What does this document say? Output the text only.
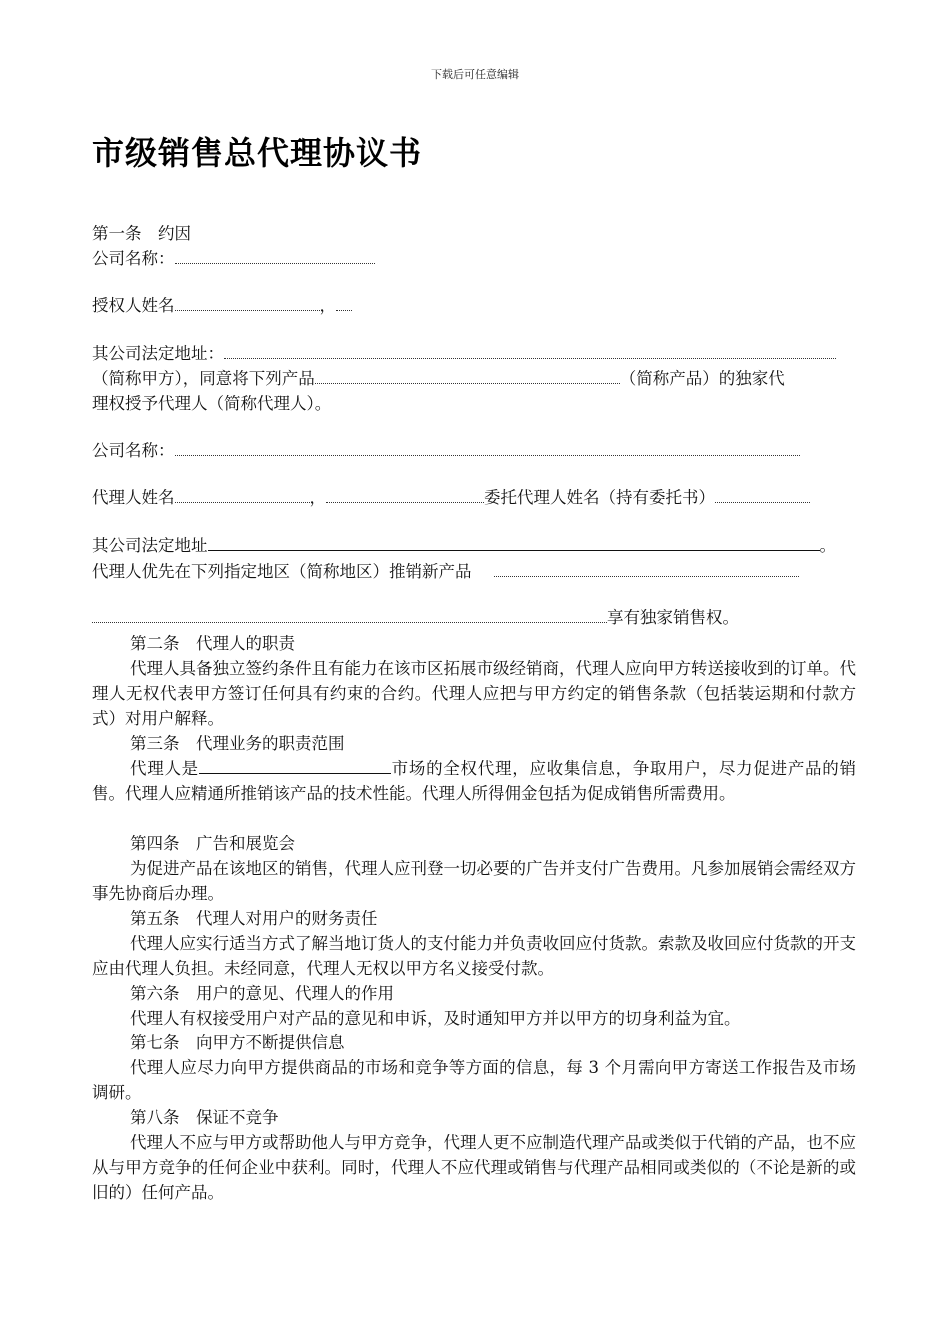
下载后可任意编辑
市级销售总代理协议书
第一条　约因
公司名称：
授权人姓名	，
其公司法定地址：
（简称甲方），同意将下列产品	（简称产品）的独家代
理权授予代理人（简称代理人）。
公司名称：
代理人姓名	，	委托代理人姓名（持有委托书）
其公司法定地址	。
代理人优先在下列指定地区（简称地区）推销新产品
享有独家销售权。
第二条　代理人的职责
代理人具备独立签约条件且有能力在该市区拓展市级经销商，代理人应向甲方转送接收到的订单。代理人无权代表甲方签订任何具有约束的合约。代理人应把与甲方约定的销售条款（包括装运期和付款方式）对用户解释。
第三条　代理业务的职责范围
代理人是	市场的全权代理，应收集信息，争取用户，尽力促进产品的销售。代理人应精通所推销该产品的技术性能。代理人所得佣金包括为促成销售所需费用。
第四条　广告和展览会
为促进产品在该地区的销售，代理人应刊登一切必要的广告并支付广告费用。凡参加展销会需经双方事先协商后办理。
第五条　代理人对用户的财务责任
代理人应实行适当方式了解当地订货人的支付能力并负责收回应付货款。索款及收回应付货款的开支应由代理人负担。未经同意，代理人无权以甲方名义接受付款。
第六条　用户的意见、代理人的作用
代理人有权接受用户对产品的意见和申诉，及时通知甲方并以甲方的切身利益为宜。
第七条　向甲方不断提供信息
代理人应尽力向甲方提供商品的市场和竞争等方面的信息，每 3 个月需向甲方寄送工作报告及市场调研。
第八条　保证不竞争
代理人不应与甲方或帮助他人与甲方竞争，代理人更不应制造代理产品或类似于代销的产品，也不应从与甲方竞争的任何企业中获利。同时，代理人不应代理或销售与代理产品相同或类似的（不论是新的或旧的）任何产品。
